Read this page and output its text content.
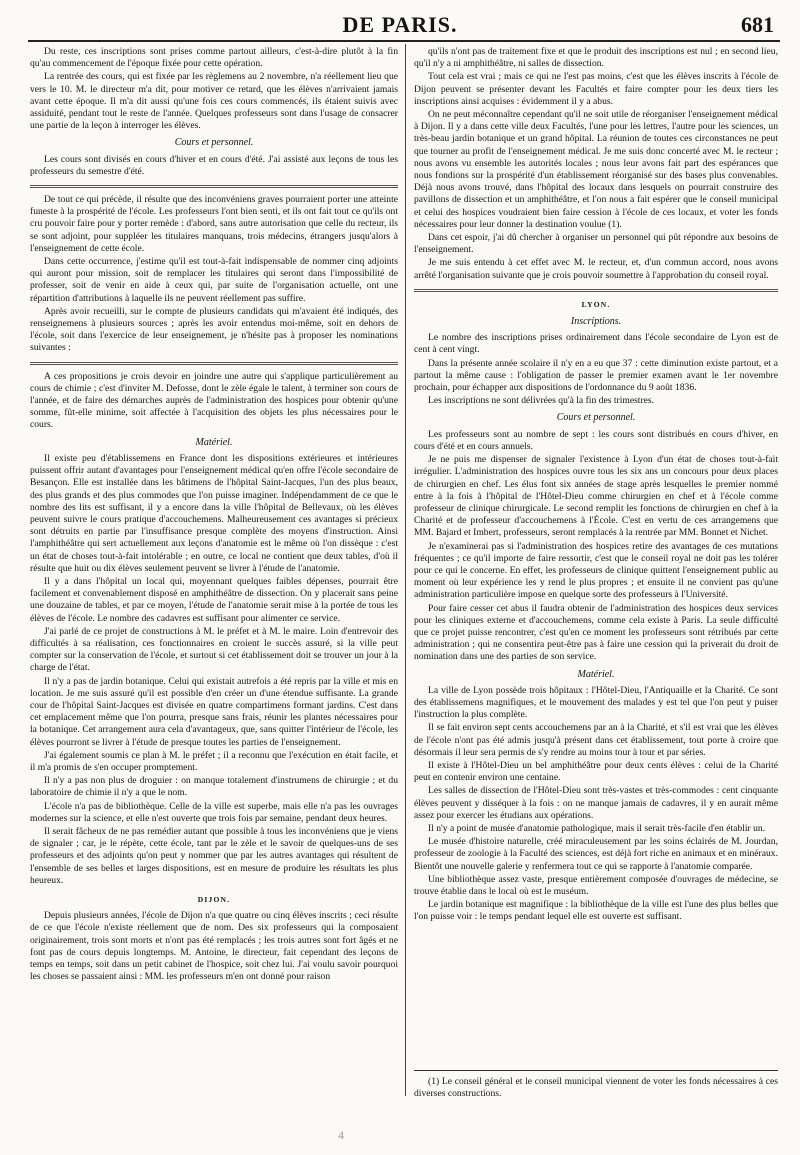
DE PARIS.	681

Du reste, ces inscriptions sont prises comme partout ailleurs, c'est-à-dire plutôt à la fin qu'au commencement de l'époque fixée pour cette opération.

La rentrée des cours, qui est fixée par les règlemens au 2 novembre, n'a réellement lieu que vers le 10. M. le directeur m'a dit, pour motiver ce retard, que les élèves n'arrivaient jamais avant cette époque. Il m'a dit aussi qu'une fois ces cours commencés, ils étaient suivis avec assiduité, pendant tout le reste de l'année. Quelques professeurs sont dans l'usage de consacrer une partie de la leçon à interroger les élèves.

Cours et personnel.

Les cours sont divisés en cours d'hiver et en cours d'été. J'ai assisté aux leçons de tous les professeurs du semestre d'été.

De tout ce qui précède, il résulte que des inconvéniens graves pourraient porter une atteinte funeste à la prospérité de l'école. Les professeurs l'ont bien senti, et ils ont fait tout ce qu'ils ont cru pouvoir faire pour y porter remède : d'abord, sans autre autorisation que celle du recteur, ils se sont adjoint, pour suppléer les titulaires manquans, trois médecins, étrangers jusqu'alors à l'enseignement de cette école.

Dans cette occurrence, j'estime qu'il est tout-à-fait indispensable de nommer cinq adjoints qui auront pour mission, soit de remplacer les titulaires qui seront dans l'impossibilité de professer, soit de venir en aide à ceux qui, par suite de l'organisation actuelle, ont une répartition d'attributions à laquelle ils ne peuvent réellement pas suffire.

Après avoir recueilli, sur le compte de plusieurs candidats qui m'avaient été indiqués, des renseignemens à plusieurs sources ; après les avoir entendus moi-même, soit en dehors de l'école, soit dans l'exercice de leur enseignement, je n'hésite pas à proposer les nominations suivantes :

A ces propositions je crois devoir en joindre une autre qui s'applique particulièrement au cours de chimie ; c'est d'inviter M. Defosse, dont le zèle égale le talent, à terminer son cours de l'année, et de faire des démarches auprès de l'administration des hospices pour obtenir qu'une somme, fût-elle minime, soit affectée à l'acquisition des objets les plus nécessaires pour le cours.

Matériel.

Il existe peu d'établissemens en France dont les dispositions extérieures et intérieures puissent offrir autant d'avantages pour l'enseignement médical qu'en offre l'école secondaire de Besançon. Elle est installée dans les bâtimens de l'hôpital Saint-Jacques, l'un des plus beaux, des plus grands et des plus commodes que l'on puisse imaginer. Indépendamment de ce que le nombre des lits est suffisant, il y a encore dans la ville l'hôpital de Bellevaux, où les élèves peuvent suivre le cours pratique d'accouchemens. Malheureusement ces avantages si précieux sont détruits en partie par l'insuffisance presque complète des moyens d'instruction. Ainsi l'amphithéâtre qui sert actuellement aux leçons d'anatomie est le même où l'on dissèque : c'est un état de choses tout-à-fait intolérable ; en outre, ce local ne contient que deux tables, d'où il résulte que huit ou dix élèves seulement peuvent se livrer à l'étude de l'anatomie.

Il y a dans l'hôpital un local qui, moyennant quelques faibles dépenses, pourrait être facilement et convenablement disposé en amphithéâtre de dissection. On y placerait sans peine une douzaine de tables, et par ce moyen, l'étude de l'anatomie serait mise à la portée de tous les élèves de l'école. Le nombre des cadavres est suffisant pour alimenter ce service.

J'ai parlé de ce projet de constructions à M. le préfet et à M. le maire. Loin d'entrevoir des difficultés à sa réalisation, ces fonctionnaires en croient le succès assuré, si la ville peut compter sur la conservation de l'école, et surtout si cet établissement doit se trouver un jour à la charge de l'état.

Il n'y a pas de jardin botanique. Celui qui existait autrefois a été repris par la ville et mis en location. Je me suis assuré qu'il est possible d'en créer un d'une étendue suffisante. La grande cour de l'hôpital Saint-Jacques est divisée en quatre compartimens formant jardins. C'est dans cet emplacement même que l'on pourra, presque sans frais, réunir les plantes nécessaires pour la botanique. Cet arrangement aura cela d'avantageux, que, sans quitter l'intérieur de l'école, les élèves pourront se livrer à l'étude de presque toutes les parties de l'enseignement.

J'ai également soumis ce plan à M. le préfet ; il a reconnu que l'exécution en était facile, et il m'a promis de s'en occuper promptement.

Il n'y a pas non plus de droguier : on manque totalement d'instrumens de chirurgie ; et du laboratoire de chimie il n'y a que le nom.

L'école n'a pas de bibliothèque. Celle de la ville est superbe, mais elle n'a pas les ouvrages modernes sur la science, et elle n'est ouverte que trois fois par semaine, pendant deux heures.

Il serait fâcheux de ne pas remédier autant que possible à tous les inconvéniens que je viens de signaler ; car, je le répète, cette école, tant par le zèle et le savoir de quelques-uns de ses professeurs et des adjoints qu'on peut y nommer que par les autres avantages qui résultent de l'ensemble de ses belles et larges dispositions, est en mesure de produire les résultats les plus heureux.

DIJON.

Depuis plusieurs années, l'école de Dijon n'a que quatre ou cinq élèves inscrits ; ceci résulte de ce que l'école n'existe réellement que de nom. Des six professeurs qui la composaient originairement, trois sont morts et n'ont pas été remplacés ; les trois autres sont fort âgés et ne font pas de cours depuis longtemps. M. Antoine, le directeur, fait cependant des leçons de temps en temps, soit dans un petit cabinet de l'hospice, soit chez lui. J'ai voulu savoir pourquoi les choses se passaient ainsi : MM. les professeurs m'en ont donné pour raison

qu'ils n'ont pas de traitement fixe et que le produit des inscriptions est nul ; en second lieu, qu'il n'y a ni amphithéâtre, ni salles de dissection.

Tout cela est vrai ; mais ce qui ne l'est pas moins, c'est que les élèves inscrits à l'école de Dijon peuvent se présenter devant les Facultés et faire compter pour les deux tiers les inscriptions ainsi acquises : évidemment il y a abus.

On ne peut méconnaître cependant qu'il ne soit utile de réorganiser l'enseignement médical à Dijon. Il y a dans cette ville deux Facultés, l'une pour les lettres, l'autre pour les sciences, un très-beau jardin botanique et un grand hôpital. La réunion de toutes ces circonstances ne peut que tourner au profit de l'enseignement médical. Je me suis donc concerté avec M. le recteur ; nous avons vu ensemble les autorités locales ; nous leur avons fait part des espérances que nous fondions sur la prospérité d'un établissement réorganisé sur des bases plus convenables. Déjà nous avons trouvé, dans l'hôpital des locaux dans lesquels on pourrait construire des pavillons de dissection et un amphithéâtre, et l'on nous a fait espérer que le conseil municipal et celui des hospices voudraient bien faire cession à l'école de ces locaux, et voter les fonds nécessaires pour leur donner la destination voulue (1).

Dans cet espoir, j'ai dû chercher à organiser un personnel qui pût répondre aux besoins de l'enseignement.

Je me suis entendu à cet effet avec M. le recteur, et, d'un commun accord, nous avons arrêté l'organisation suivante que je crois pouvoir soumettre à l'approbation du conseil royal.

LYON.
Inscriptions.

Le nombre des inscriptions prises ordinairement dans l'école secondaire de Lyon est de cent à cent vingt.

Dans la présente année scolaire il n'y en a eu que 37 : cette diminution existe partout, et a partout la même cause : l'obligation de passer le premier examen avant le 1er novembre prochain, pour échapper aux dispositions de l'ordonnance du 9 août 1836.

Les inscriptions ne sont délivrées qu'à la fin des trimestres.

Cours et personnel.

Les professeurs sont au nombre de sept : les cours sont distribués en cours d'hiver, en cours d'été et en cours annuels.

Je ne puis me dispenser de signaler l'existence à Lyon d'un état de choses tout-à-fait irrégulier. L'administration des hospices ouvre tous les six ans un concours pour deux places de chirurgien en chef. Les élus font six années de stage après lesquelles le premier nommé entre à la fois à l'hôpital de l'Hôtel-Dieu comme chirurgien en chef et à l'école comme professeur de clinique chirurgicale. Le second remplit les fonctions de chirurgien en chef à la Charité et de professeur d'accouchemens à l'École. C'est en vertu de ces arrangemens que MM. Bajard et Imbert, professeurs, seront remplacés à la rentrée par MM. Bonnet et Nichet.

Je n'examinerai pas si l'administration des hospices retire des avantages de ces mutations fréquentes ; ce qu'il importe de faire ressortir, c'est que le conseil royal ne doit pas les tolérer pour ce qui le concerne. En effet, les professeurs de clinique quittent l'enseignement public au moment où leur expérience les y rend le plus propres ; et ensuite il ne convient pas qu'une administration particulière impose en quelque sorte des professeurs à l'Université.

Pour faire cesser cet abus il faudra obtenir de l'administration des hospices deux services pour les cliniques externe et d'accouchemens, comme cela existe à Paris. La seule difficulté que ce projet puisse rencontrer, c'est qu'en ce moment les professeurs sont rétribués par cette administration ; qui ne consentira peut-être pas à faire une cession qui la priverait du droit de nomination dans une des parties de son service.

Matériel.

La ville de Lyon possède trois hôpitaux : l'Hôtel-Dieu, l'Antiquaille et la Charité. Ce sont des établissemens magnifiques, et le mouvement des malades y est tel que l'on peut y puiser l'instruction la plus complète.

Il se fait environ sept cents accouchemens par an à la Charité, et s'il est vrai que les élèves de l'école n'ont pas été admis jusqu'à présent dans cet établissement, tout porte à croire que désormais il leur sera permis de s'y rendre au moins tour à tour et par séries.

Il existe à l'Hôtel-Dieu un bel amphithéâtre pour deux cents élèves : celui de la Charité peut en contenir environ une centaine.

Les salles de dissection de l'Hôtel-Dieu sont très-vastes et très-commodes : cent cinquante élèves peuvent y disséquer à la fois : on ne manque jamais de cadavres, il y en aurait même assez pour exercer les étudians aux opérations.

Il n'y a point de musée d'anatomie pathologique, mais il serait très-facile d'en établir un.

Le musée d'histoire naturelle, créé miraculeusement par les soins éclairés de M. Jourdan, professeur de zoologie à la Faculté des sciences, est déjà fort riche en animaux et en minéraux. Bientôt une nouvelle galerie y renfermera tout ce qui se rapporte à l'anatomie comparée.

Une bibliothèque assez vaste, presque entièrement composée d'ouvrages de médecine, se trouve établie dans le local où est le muséum.

Le jardin botanique est magnifique : la bibliothèque de la ville est l'une des plus belles que l'on puisse voir : le temps pendant lequel elle est ouverte est suffisant.

(1) Le conseil général et le conseil municipal viennent de voter les fonds nécessaires à ces diverses constructions.
4
